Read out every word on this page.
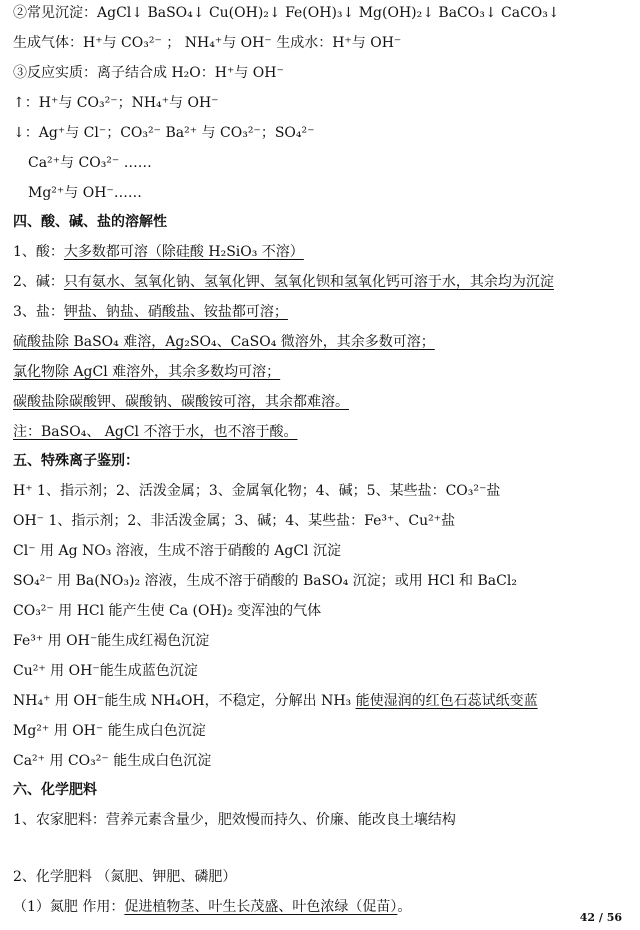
②常见沉淀：AgCl↓ BaSO₄↓ Cu(OH)₂↓ Fe(OH)₃↓ Mg(OH)₂↓ BaCO₃↓ CaCO₃↓
生成气体：H⁺与 CO₃²⁻ ； NH₄⁺与 OH⁻ 生成水：H⁺与 OH⁻
③反应实质：离子结合成 H₂O：H⁺与 OH⁻
↑：H⁺与 CO₃²⁻；NH₄⁺与 OH⁻
↓：Ag⁺与 Cl⁻；CO₃²⁻ Ba²⁺ 与 CO₃²⁻；SO₄²⁻
Ca²⁺与 CO₃²⁻ ……
Mg²⁺与 OH⁻……
四、酸、碱、盐的溶解性
1、酸：大多数都可溶（除硅酸 H₂SiO₃ 不溶）
2、碱：只有氨水、氢氧化钠、氢氧化钾、氢氧化钡和氢氧化钙可溶于水，其余均为沉淀
3、盐：钾盐、钠盐、硝酸盐、铵盐都可溶；
硫酸盐除 BaSO₄ 难溶，Ag₂SO₄、CaSO₄ 微溶外，其余多数可溶；
氯化物除 AgCl 难溶外，其余多数均可溶；
碳酸盐除碳酸钾、碳酸钠、碳酸铵可溶，其余都难溶。
注：BaSO₄、 AgCl 不溶于水，也不溶于酸。
五、特殊离子鉴别：
H⁺ 1、指示剂；2、活泼金属；3、金属氧化物；4、碱；5、某些盐：CO₃²⁻盐
OH⁻ 1、指示剂；2、非活泼金属；3、碱；4、某些盐：Fe³⁺、Cu²⁺盐
Cl⁻ 用 Ag NO₃ 溶液，生成不溶于硝酸的 AgCl 沉淀
SO₄²⁻ 用 Ba(NO₃)₂ 溶液，生成不溶于硝酸的 BaSO₄ 沉淀；或用 HCl 和 BaCl₂
CO₃²⁻ 用 HCl 能产生使 Ca (OH)₂ 变浑浊的气体
Fe³⁺ 用 OH⁻能生成红褐色沉淀
Cu²⁺ 用 OH⁻能生成蓝色沉淀
NH₄⁺ 用 OH⁻能生成 NH₄OH，不稳定，分解出 NH₃ 能使湿润的红色石蕊试纸变蓝
Mg²⁺ 用 OH⁻ 能生成白色沉淀
Ca²⁺ 用 CO₃²⁻ 能生成白色沉淀
六、化学肥料
1、农家肥料：营养元素含量少，肥效慢而持久、价廉、能改良土壤结构
2、化学肥料 （氮肥、钾肥、磷肥）
（1）氮肥 作用：促进植物茎、叶生长茂盛、叶色浓绿（促苗）。
42 / 56
